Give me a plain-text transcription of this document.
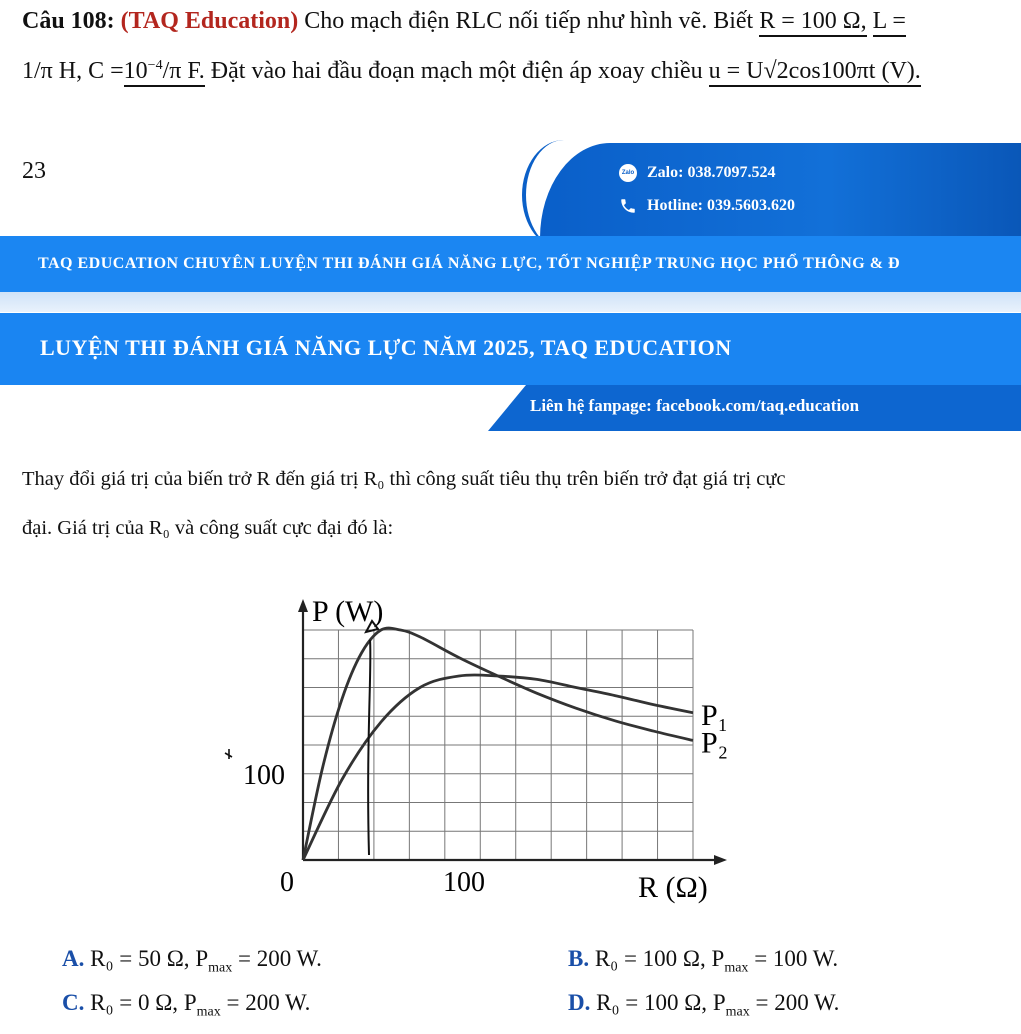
Câu 108: (TAQ Education) Cho mạch điện RLC nối tiếp như hình vẽ. Biết R = 100 Ω, L =
1/π H, $C =10^{-4}/\pi$ F. Đặt vào hai đầu đoạn mạch một điện áp xoay chiều u = U√2cos100πt (V).
23	Zalo Zalo: 038.7097.524
Hotline: 039.5603.620
TAQ EDUCATION CHUYÊN LUYỆN THI ĐÁNH GIÁ NĂNG LỰC, TỐT NGHIỆP TRUNG HỌC PHỔ THÔNG & Đ
LUYỆN THI ĐÁNH GIÁ NĂNG LỰC NĂM 2025, TAQ EDUCATION
Liên hệ fanpage: facebook.com/taq.education
Thay đổi giá trị của biến trở R đến giá trị R₀ thì công suất tiêu thụ trên biến trở đạt giá trị cực
đại. Giá trị của R₀ và công suất cực đại đó là:
P (W)
R (Ω)
0	100
100
P₂
P₁
A. R₀ = 50 Ω, $P_{max} = 200$ W.	B. R₀ = 100 Ω, $P_{max} = 100$ W.
C. R₀ = 0 Ω, $P_{max} = 200$ W.	D. R₀ = 100 Ω, $P_{max} = 200$ W.
